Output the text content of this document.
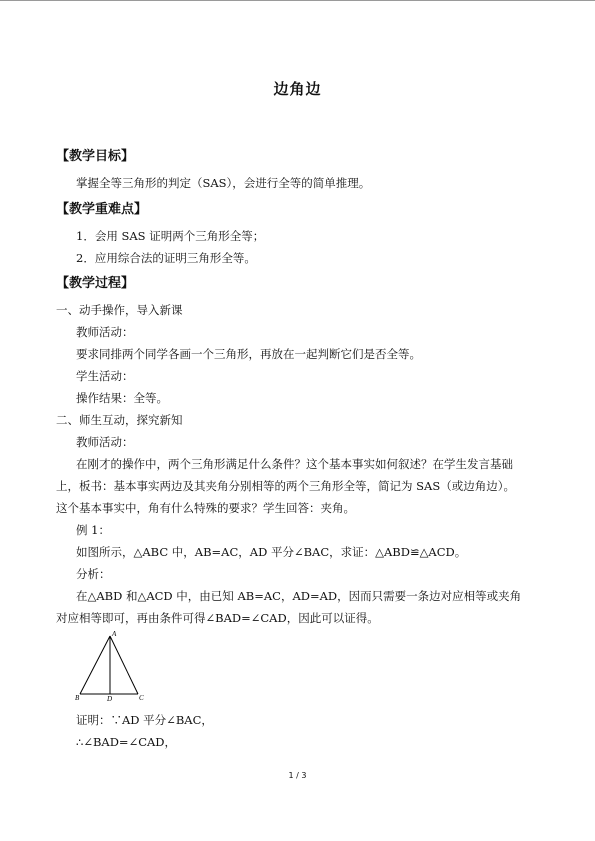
边角边
【教学目标】
掌握全等三角形的判定（SAS），会进行全等的简单推理。
【教学重难点】
1．会用 SAS 证明两个三角形全等；
2．应用综合法的证明三角形全等。
【教学过程】
一、动手操作，导入新课
教师活动：
要求同排两个同学各画一个三角形，再放在一起判断它们是否全等。
学生活动：
操作结果：全等。
二、师生互动，探究新知
教师活动：
在刚才的操作中，两个三角形满足什么条件？这个基本事实如何叙述？在学生发言基础
上，板书：基本事实两边及其夹角分别相等的两个三角形全等，简记为 SAS（或边角边）。
这个基本事实中，角有什么特殊的要求？学生回答：夹角。
例 1：
如图所示，△ABC 中，AB=AC，AD 平分∠BAC，求证：△ABD≌△ACD。
分析：
在△ABD 和△ACD 中，由已知 AB=AC，AD=AD，因而只需要一条边对应相等或夹角
对应相等即可，再由条件可得∠BAD=∠CAD，因此可以证得。
A
B	D	C
证明：∵AD 平分∠BAC，
∴∠BAD=∠CAD，
1 / 3
